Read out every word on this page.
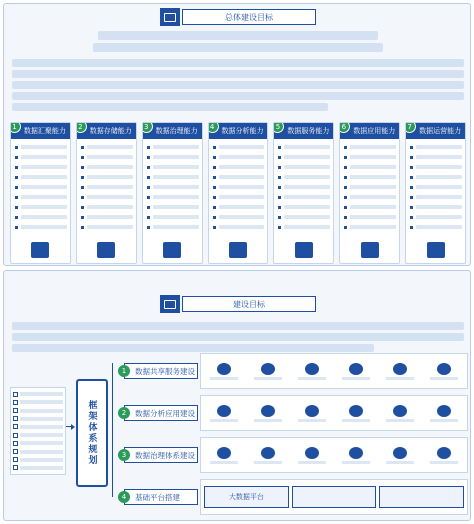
总体建设目标
1
数据汇聚能力
2
数据存储能力
3
数据治理能力
4
数据分析能力
5
数据服务能力
6
数据应用能力
7
数据运营能力
建设目标
框架体系规划
1	数据共享服务建设
2	数据分析应用建设
3	数据治理体系建设
4	基础平台搭建	大数据平台
